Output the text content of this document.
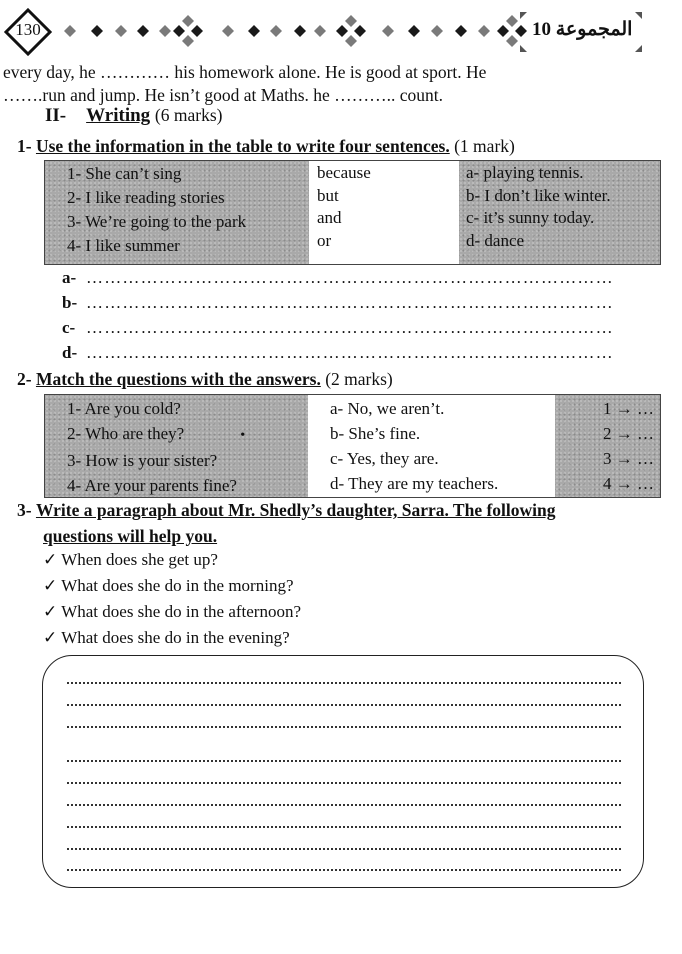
130	10 المجموعة
every day, he ………… his homework alone. He is good at sport. He
…….run and jump. He isn’t good at Maths. he ……….. count.
II- Writing (6 marks)
1- Use the information in the table to write four sentences. (1 mark)
1- She can’t sing
2- I like reading stories
3- We’re going to the park
4- I like summer
because
but
and
or
a- playing tennis.
b- I don’t like winter.
c- it’s sunny today.
d- dance
a- ……………………………………………………………………………
b- ……………………………………………………………………………
c- ……………………………………………………………………………
d- ……………………………………………………………………………
2- Match the questions with the answers. (2 marks)
1- Are you cold?
2- Who are they?	•
3- How is your sister?
4- Are your parents fine?
a- No, we aren’t.
b- She’s fine.
c- Yes, they are.
d- They are my teachers.
1 → …
2 → …
3 → …
4 → …
3- Write a paragraph about Mr. Shedly’s daughter, Sarra. The following
questions will help you.
✓ When does she get up?
✓ What does she do in the morning?
✓ What does she do in the afternoon?
✓ What does she do in the evening?
